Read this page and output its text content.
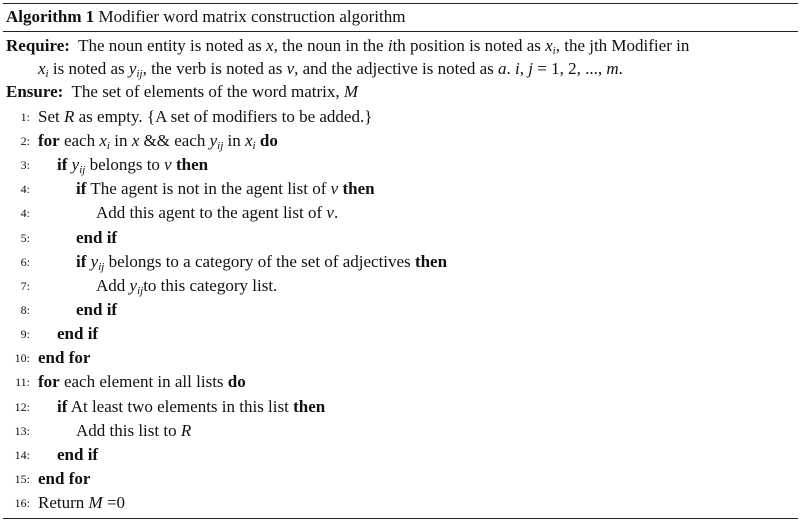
Algorithm 1 Modifier word matrix construction algorithm
Require: The noun entity is noted as x, the noun in the ith position is noted as $x_i$, the jth Modifier in
$x_i$ is noted as $y_{ij}$, the verb is noted as v, and the adjective is noted as a. i, j = 1, 2, ..., m.
Ensure: The set of elements of the word matrix, M
1: Set R as empty. {A set of modifiers to be added.}
2: for each $x_i$ in x && each $y_{ij}$ in $x_i$ do
3: if $y_{ij}$ belongs to v then
4:	if The agent is not in the agent list of v then
4:	Add this agent to the agent list of v.
5:	end if
6:	if $y_{ij}$ belongs to a category of the set of adjectives then
7:	Add $y_{ij}to$ this category list.
8:	end if
9: end if
10: end for
11: for each element in all lists do
12: if At least two elements in this list then
13:	Add this list to R
14: end if
15: end for
16: Return M =0
